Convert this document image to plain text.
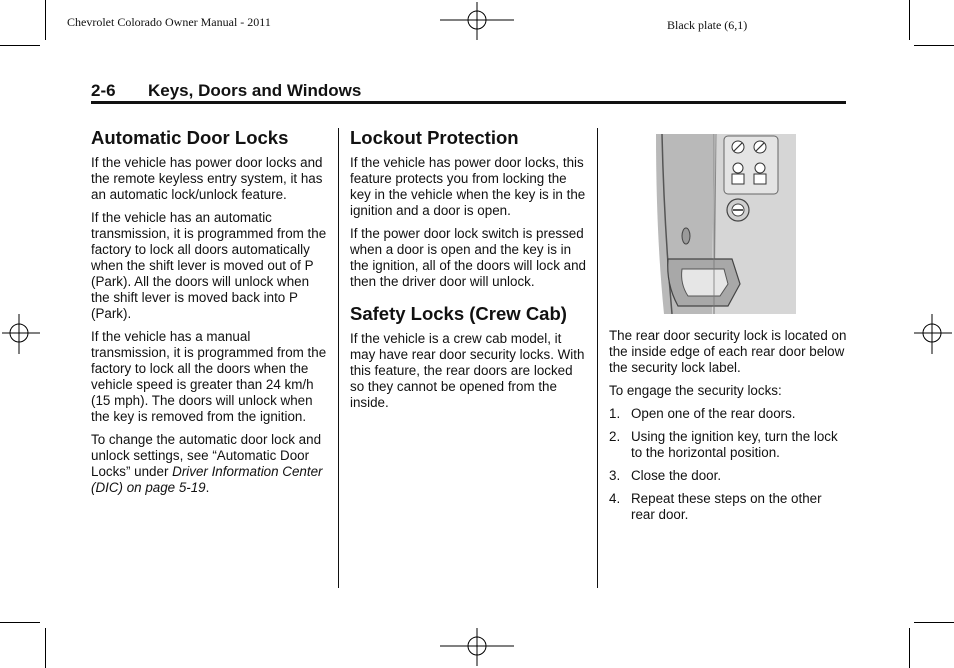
Chevrolet Colorado Owner Manual - 2011	Black plate (6,1)
2-6 Keys, Doors and Windows
Automatic Door Locks

If the vehicle has power door locks and the remote keyless entry system, it has an automatic lock/unlock feature.

If the vehicle has an automatic transmission, it is programmed from the factory to lock all doors automatically when the shift lever is moved out of P (Park). All the doors will unlock when the shift lever is moved back into P (Park).

If the vehicle has a manual transmission, it is programmed from the factory to lock all the doors when the vehicle speed is greater than 24 km/h (15 mph). The doors will unlock when the key is removed from the ignition.

To change the automatic door lock and unlock settings, see “Automatic Door Locks” under Driver Information Center (DIC) on page 5-19.

Lockout Protection

If the vehicle has power door locks, this feature protects you from locking the key in the vehicle when the key is in the ignition and a door is open.

If the power door lock switch is pressed when a door is open and the key is in the ignition, all of the doors will lock and then the driver door will unlock.

Safety Locks (Crew Cab)

If the vehicle is a crew cab model, it may have rear door security locks. With this feature, the rear doors are locked so they cannot be opened from the inside.

The rear door security lock is located on the inside edge of each rear door below the security lock label.

To engage the security locks:

1. Open one of the rear doors.
2. Using the ignition key, turn the lock to the horizontal position.
3. Close the door.
4. Repeat these steps on the other rear door.
